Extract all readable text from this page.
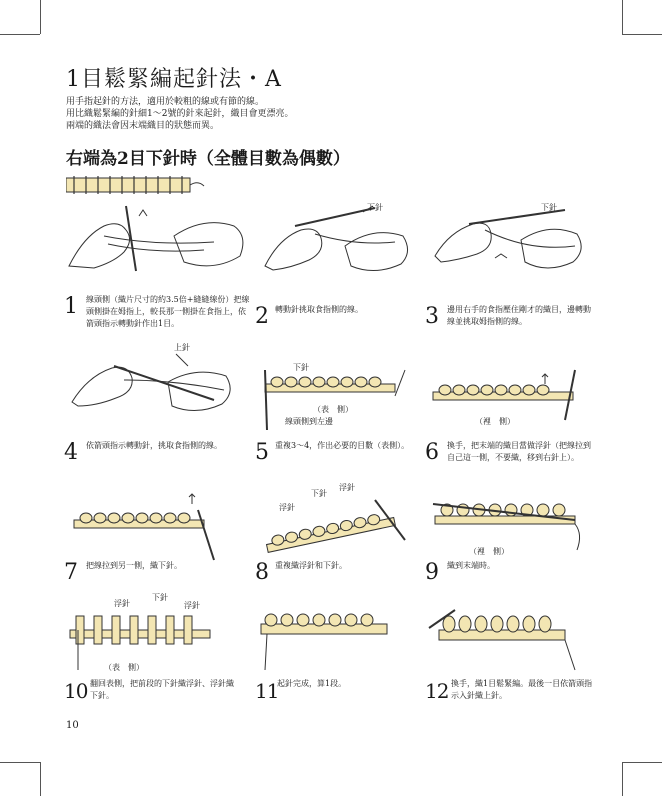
1目鬆緊編起針法・A
用手指起針的方法，適用於較粗的線或有節的線。
用比織鬆緊編的針細1～2號的針來起針，織目會更漂亮。
兩端的織法會因末端織目的狀態而異。
右端為2目下針時（全體目數為偶數）
1 線頭側（織片尺寸的約3.5倍+縫縫線份）把線頭側掛在姆指上，較長那一側掛在食指上，依箭頭指示轉動針作出1目。
下針
2 轉動針挑取食指側的線。
下針
3 邊用右手的食指壓住剛才的織目，邊轉動線並挑取姆指側的線。
上針
4 依箭頭指示轉動針，挑取食指側的線。
下針
（表　側）
線頭側到左邊
5 重複3～4，作出必要的目數（表側）。
（裡　側）
6 換手，把末端的織目當做浮針（把線拉到自己這一側，不要織，移到右針上）。
7 把線拉到另一側，織下針。
浮針
下針
浮針
8 重複織浮針和下針。
（裡　側）
9 織到末端時。
浮針
下針
浮針
（表　側）
10 翻回表側，把前段的下針織浮針、浮針織下針。	11
起針完成，算1段。	12 換手，織1目鬆緊編。最後一目依箭頭指示入針織上針。
10
